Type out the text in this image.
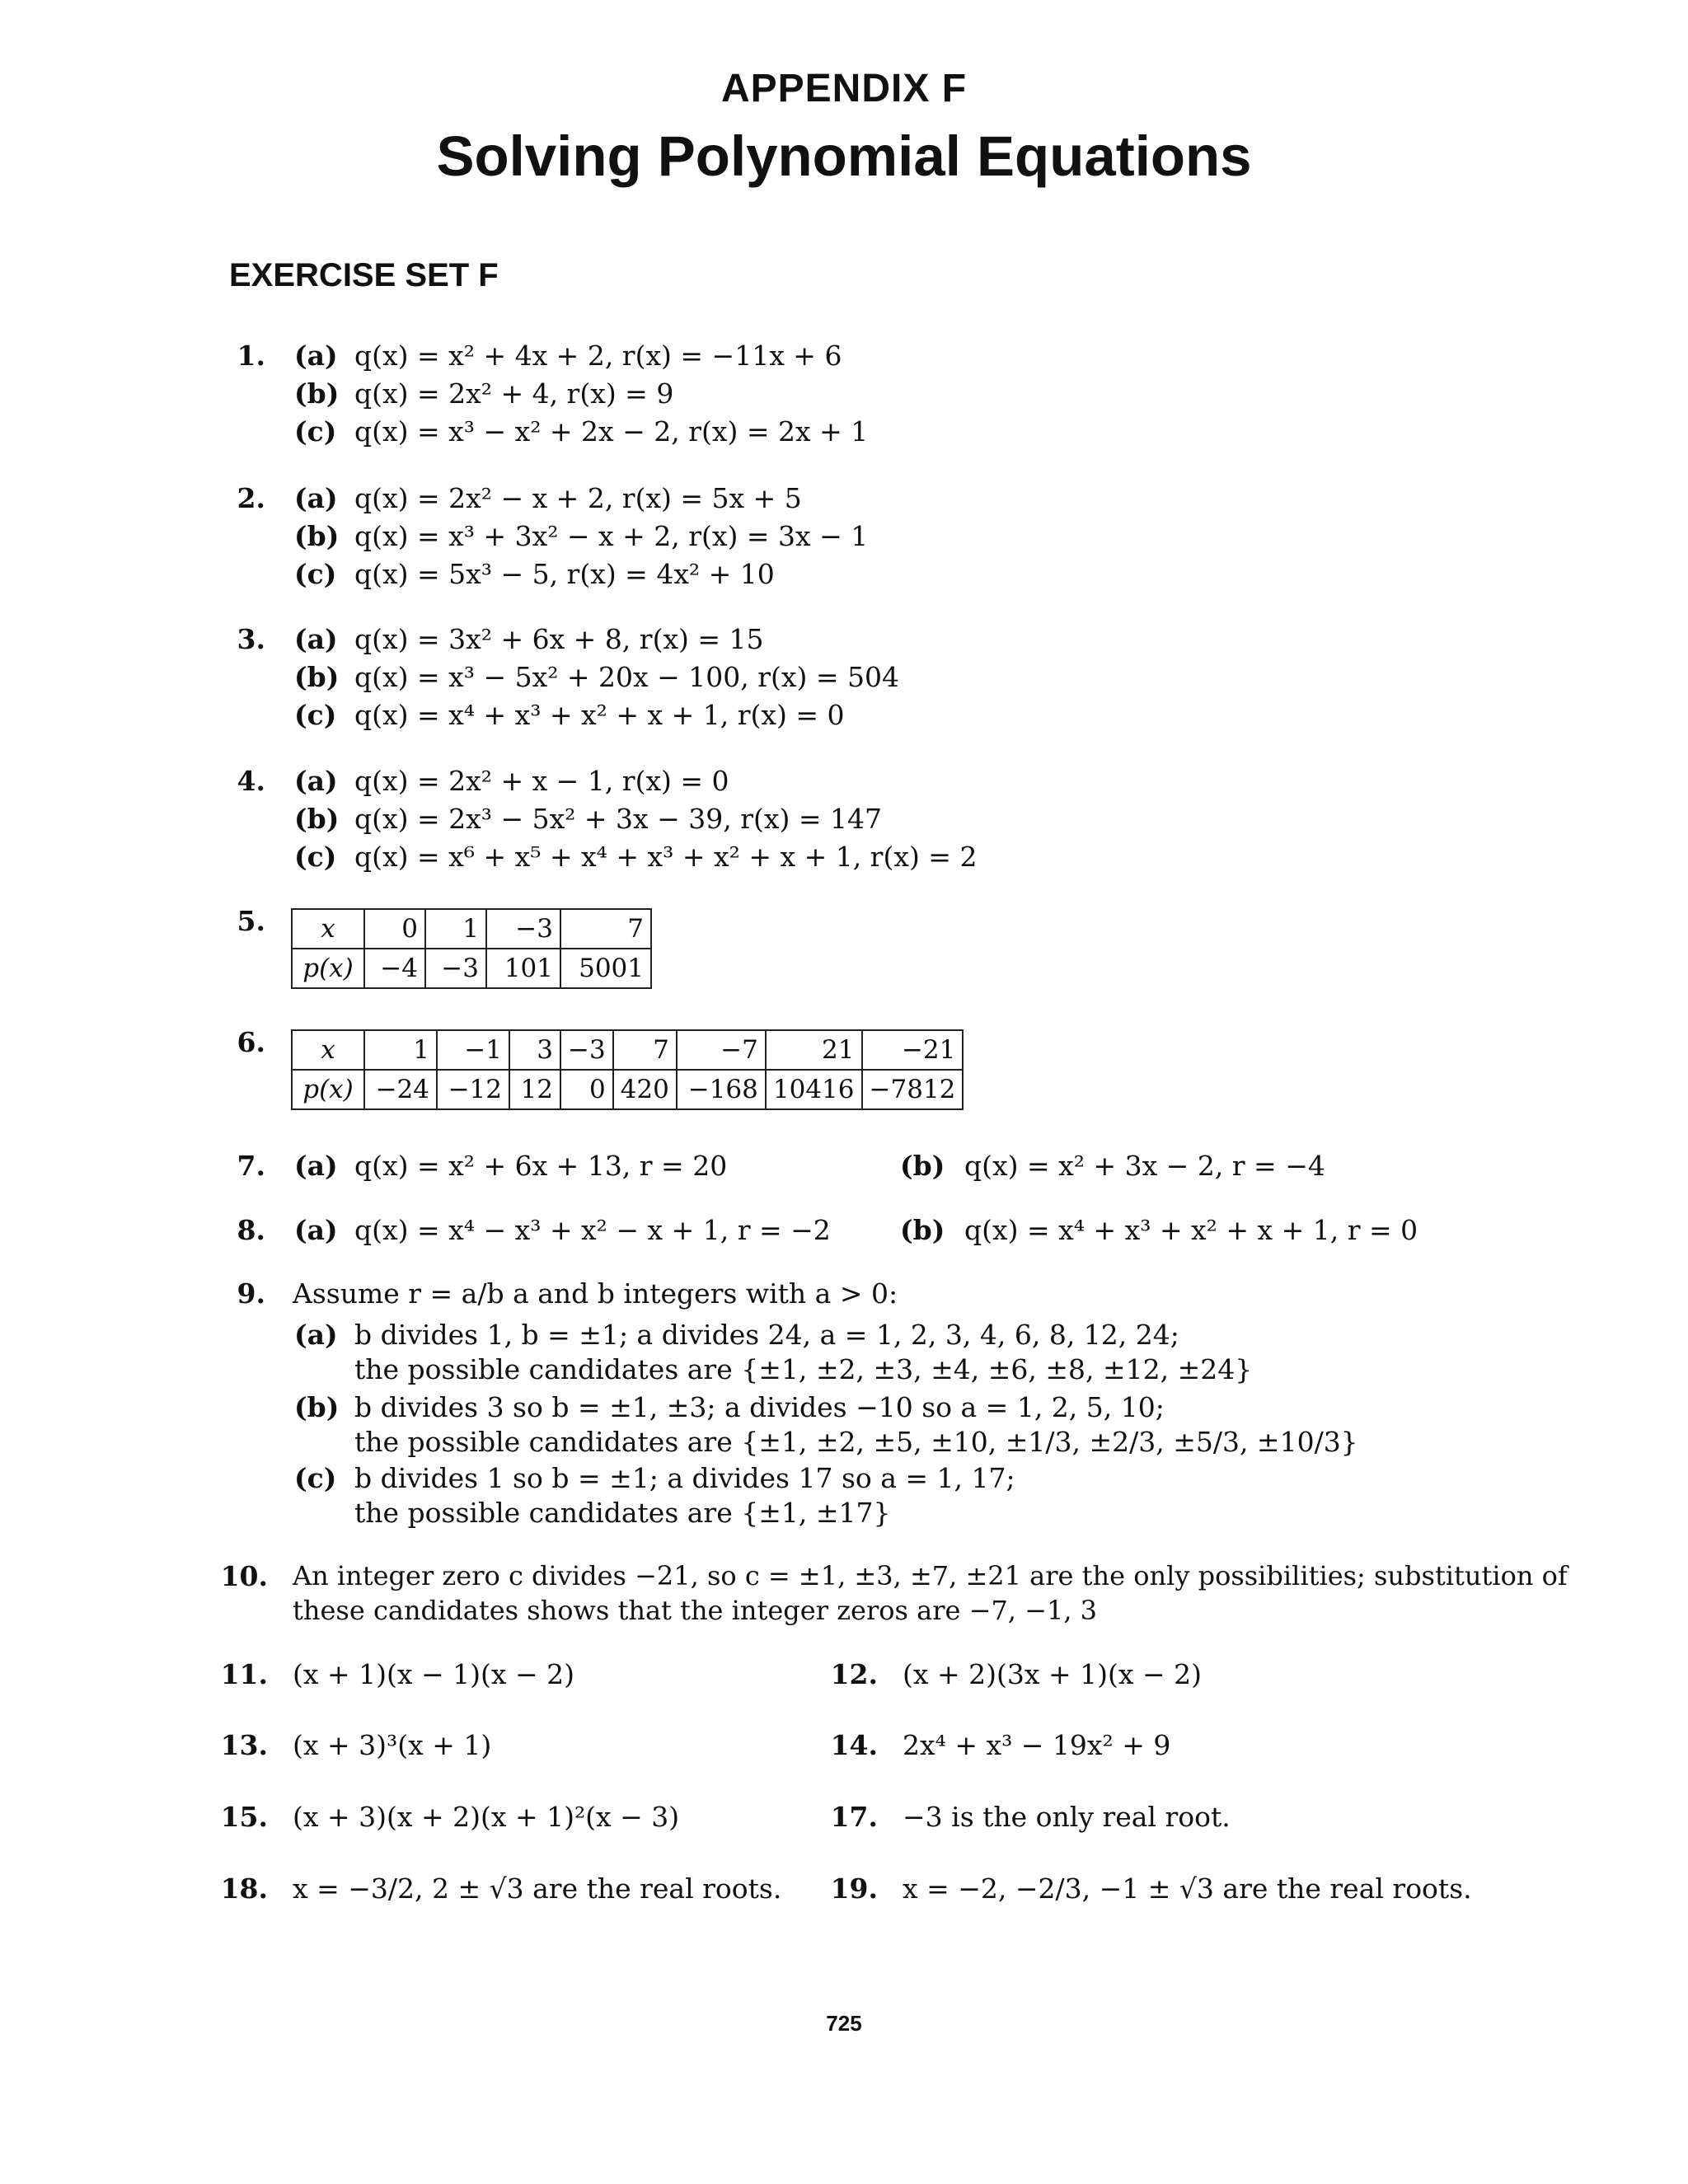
APPENDIX F
Solving Polynomial Equations
EXERCISE SET F
1. (a) q(x) = x² + 4x + 2, r(x) = −11x + 6
(b) q(x) = 2x² + 4, r(x) = 9
(c) q(x) = x³ − x² + 2x − 2, r(x) = 2x + 1
2. (a) q(x) = 2x² − x + 2, r(x) = 5x + 5
(b) q(x) = x³ + 3x² − x + 2, r(x) = 3x − 1
(c) q(x) = 5x³ − 5, r(x) = 4x² + 10
3. (a) q(x) = 3x² + 6x + 8, r(x) = 15
(b) q(x) = x³ − 5x² + 20x − 100, r(x) = 504
(c) q(x) = x⁴ + x³ + x² + x + 1, r(x) = 0
4. (a) q(x) = 2x² + x − 1, r(x) = 0
(b) q(x) = 2x³ − 5x² + 3x − 39, r(x) = 147
(c) q(x) = x⁶ + x⁵ + x⁴ + x³ + x² + x + 1, r(x) = 2
5. x	0	1	−3	7
p(x)	−4	−3	101	5001
6. x	1	−1	3	−3	7	−7	21	−21
p(x)	−24	−12	12	0	420	−168	10416	−7812
7. (a) q(x) = x² + 6x + 13, r = 20	(b) q(x) = x² + 3x − 2, r = −4
8. (a) q(x) = x⁴ − x³ + x² − x + 1, r = −2	(b) q(x) = x⁴ + x³ + x² + x + 1, r = 0
9. Assume r = a/b a and b integers with a > 0:
(a) b divides 1, b = ±1; a divides 24, a = 1, 2, 3, 4, 6, 8, 12, 24;
the possible candidates are {±1, ±2, ±3, ±4, ±6, ±8, ±12, ±24}
(b) b divides 3 so b = ±1, ±3; a divides −10 so a = 1, 2, 5, 10;
the possible candidates are {±1, ±2, ±5, ±10, ±1/3, ±2/3, ±5/3, ±10/3}
(c) b divides 1 so b = ±1; a divides 17 so a = 1, 17;
the possible candidates are {±1, ±17}
10. An integer zero c divides −21, so c = ±1, ±3, ±7, ±21 are the only possibilities; substitution of
these candidates shows that the integer zeros are −7, −1, 3
11. (x + 1)(x − 1)(x − 2)	12. (x + 2)(3x + 1)(x − 2)
13. (x + 3)³(x + 1)	14. 2x⁴ + x³ − 19x² + 9
15. (x + 3)(x + 2)(x + 1)²(x − 3)	17. −3 is the only real root.
18. x = −3/2, 2 ± √3 are the real roots.	19. x = −2, −2/3, −1 ± √3 are the real roots.
725
